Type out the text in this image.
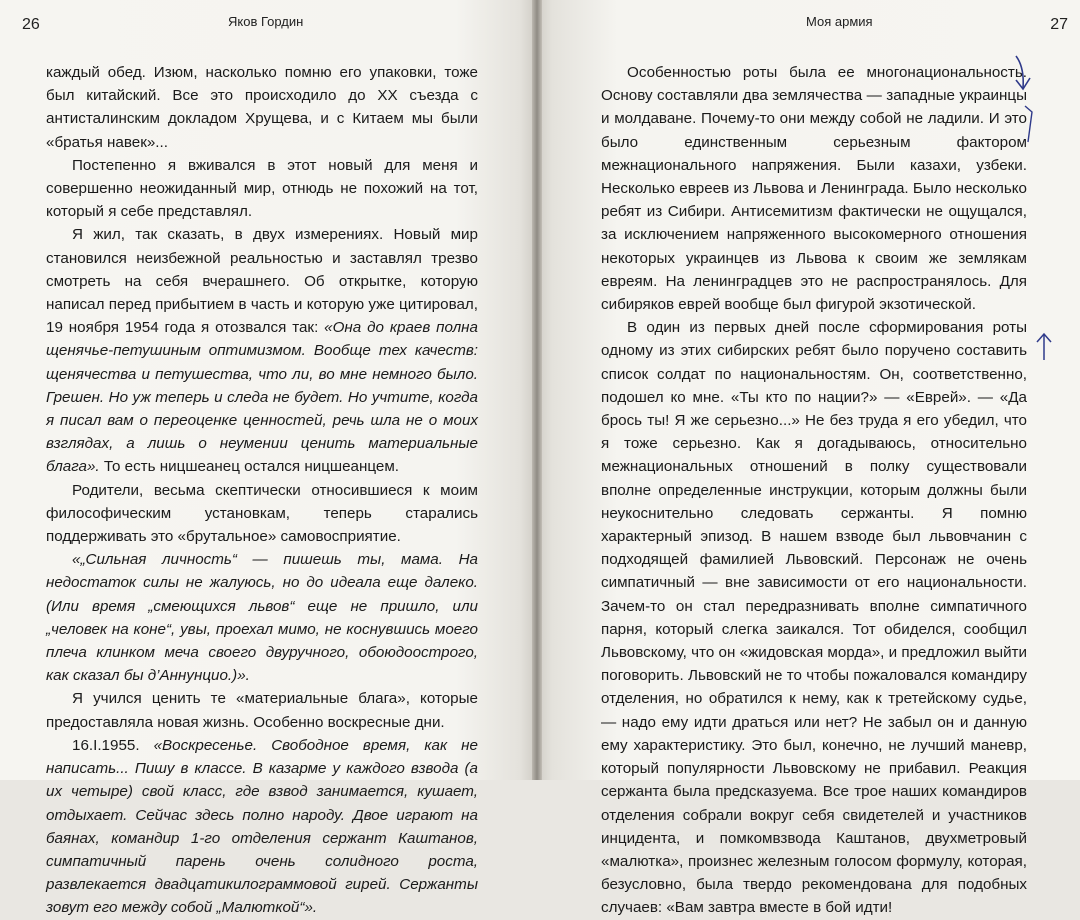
26	Яков Гордин

каждый обед. Изюм, насколько помню его упаковки, тоже был китайский. Все это происходило до ХХ съезда с антисталинским докладом Хрущева, и с Китаем мы были «братья навек»...

Постепенно я вживался в этот новый для меня и совершенно неожиданный мир, отнюдь не похожий на тот, который я себе представлял.

Я жил, так сказать, в двух измерениях. Новый мир становился неизбежной реальностью и заставлял трезво смотреть на себя вчерашнего. Об открытке, которую написал перед прибытием в часть и которую уже цитировал, 19 ноября 1954 года я отозвался так: «Она до краев полна щенячье-петушиным оптимизмом. Вообще тех качеств: щенячества и петушества, что ли, во мне немного было. Грешен. Но уж теперь и следа не будет. Но учтите, когда я писал вам о переоценке ценностей, речь шла не о моих взглядах, а лишь о неумении ценить материальные блага». То есть ницшеанец остался ницшеанцем.

Родители, весьма скептически относившиеся к моим философическим установкам, теперь старались поддерживать это «брутальное» самовосприятие.

«„Сильная личность“ — пишешь ты, мама. На недостаток силы не жалуюсь, но до идеала еще далеко. (Или время „смеющихся львов“ еще не пришло, или „человек на коне“, увы, проехал мимо, не коснувшись моего плеча клинком меча своего двуручного, обоюдоострого, как сказал бы д’Аннунцио.)».

Я учился ценить те «материальные блага», которые предоставляла новая жизнь. Особенно воскресные дни.

16.I.1955. «Воскресенье. Свободное время, как не написать... Пишу в классе. В казарме у каждого взвода (а их четыре) свой класс, где взвод занимается, кушает, отдыхает. Сейчас здесь полно народу. Двое играют на баянах, командир 1-го отделения сержант Каштанов, симпатичный парень очень солидного роста, развлекается двадцатикилограммовой гирей. Сержанты зовут его между собой „Малюткой“».

Моя армия	27

Особенностью роты была ее многонациональность. Основу составляли два землячества — западные украинцы и молдаване. Почему-то они между собой не ладили. И это было единственным серьезным фактором межнационального напряжения. Были казахи, узбеки. Несколько евреев из Львова и Ленинграда. Было несколько ребят из Сибири. Антисемитизм фактически не ощущался, за исключением напряженного высокомерного отношения некоторых украинцев из Львова к своим же землякам евреям. На ленинградцев это не распространялось. Для сибиряков еврей вообще был фигурой экзотической.

В один из первых дней после сформирования роты одному из этих сибирских ребят было поручено составить список солдат по национальностям. Он, соответственно, подошел ко мне. «Ты кто по нации?» — «Еврей». — «Да брось ты! Я же серьезно...» Не без труда я его убедил, что я тоже серьезно. Как я догадываюсь, относительно межнациональных отношений в полку существовали вполне определенные инструкции, которым должны были неукоснительно следовать сержанты. Я помню характерный эпизод. В нашем взводе был львовчанин с подходящей фамилией Львовский. Персонаж не очень симпатичный — вне зависимости от его национальности. Зачем-то он стал передразнивать вполне симпатичного парня, который слегка заикался. Тот обиделся, сообщил Львовскому, что он «жидовская морда», и предложил выйти поговорить. Львовский не то чтобы пожаловался командиру отделения, но обратился к нему, как к третейскому судье, — надо ему идти драться или нет? Не забыл он и данную ему характеристику. Это был, конечно, не лучший маневр, который популярности Львовскому не прибавил. Реакция сержанта была предсказуема. Все трое наших командиров отделения собрали вокруг себя свидетелей и участников инцидента, и помкомвзвода Каштанов, двухметровый «малютка», произнес железным голосом формулу, которая, безусловно, была твердо рекомендована для подобных случаев: «Вам завтра вместе в бой идти!
